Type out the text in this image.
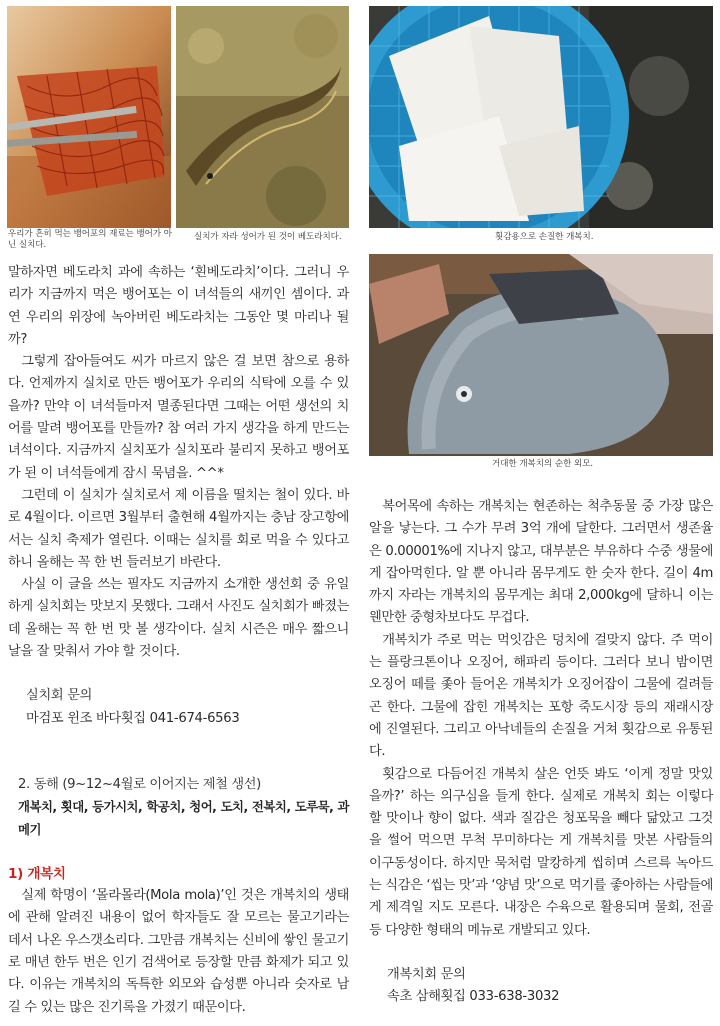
우리가 흔히 먹는 뱅어포의 재료는 뱅어가 아닌 실치다.
실치가 자라 성어가 된 것이 베도라치다.	횟감용으로 손질한 개복치.
거대한 개복치의 순한 외모.

말하자면 베도라치 과에 속하는 ‘흰베도라치’이다. 그러니 우리가 지금까지 먹은 뱅어포는 이 녀석들의 새끼인 셈이다. 과연 우리의 위장에 녹아버린 베도라치는 그동안 몇 마리나 될까?

그렇게 잡아들여도 씨가 마르지 않은 걸 보면 참으로 용하다. 언제까지 실치로 만든 뱅어포가 우리의 식탁에 오를 수 있을까? 만약 이 녀석들마저 멸종된다면 그때는 어떤 생선의 치어를 말려 뱅어포를 만들까? 참 여러 가지 생각을 하게 만드는 녀석이다. 지금까지 실치포가 실치포라 불리지 못하고 뱅어포가 된 이 녀석들에게 잠시 묵념을. ^^*

그런데 이 실치가 실치로서 제 이름을 떨치는 철이 있다. 바로 4월이다. 이르면 3월부터 출현해 4월까지는 충남 장고항에서는 실치 축제가 열린다. 이때는 실치를 회로 먹을 수 있다고 하니 올해는 꼭 한 번 들러보기 바란다.

사실 이 글을 쓰는 필자도 지금까지 소개한 생선회 중 유일하게 실치회는 맛보지 못했다. 그래서 사진도 실치회가 빠졌는데 올해는 꼭 한 번 맛 볼 생각이다. 실치 시즌은 매우 짧으니 날을 잘 맞춰서 가야 할 것이다.

실치회 문의

마검포 윈조 바다횟집 041-674-6563

2. 동해 (9~12~4월로 이어지는 제철 생선)

개복치, 횟대, 등가시치, 학공치, 청어, 도치, 전복치, 도루묵, 과메기

1) 개복치

실제 학명이 ‘몰라몰라(Mola mola)’인 것은 개복치의 생태에 관해 알려진 내용이 없어 학자들도 잘 모르는 물고기라는 데서 나온 우스갯소리다. 그만큼 개복치는 신비에 쌓인 물고기로 매년 한두 번은 인기 검색어로 등장할 만큼 화제가 되고 있다. 이유는 개복치의 독특한 외모와 습성뿐 아니라 숫자로 남길 수 있는 많은 진기록을 가졌기 때문이다.

복어목에 속하는 개복치는 현존하는 척추동물 중 가장 많은 알을 낳는다. 그 수가 무려 3억 개에 달한다. 그러면서 생존율은 0.00001%에 지나지 않고, 대부분은 부유하다 수중 생물에게 잡아먹힌다. 알 뿐 아니라 몸무게도 한 숫자 한다. 길이 4m까지 자라는 개복치의 몸무게는 최대 2,000kg에 달하니 이는 웬만한 중형차보다도 무겁다.

개복치가 주로 먹는 먹잇감은 덩치에 걸맞지 않다. 주 먹이는 플랑크톤이나 오징어, 해파리 등이다. 그러다 보니 밤이면 오징어 떼를 좇아 들어온 개복치가 오징어잡이 그물에 걸려들곤 한다. 그물에 잡힌 개복치는 포항 죽도시장 등의 재래시장에 진열된다. 그리고 아낙네들의 손질을 거쳐 횟감으로 유통된다.

횟감으로 다듬어진 개복치 살은 언뜻 봐도 ‘이게 정말 맛있을까?’ 하는 의구심을 들게 한다. 실제로 개복치 회는 이렇다 할 맛이나 향이 없다. 색과 질감은 청포묵을 빼다 닮았고 그것을 썰어 먹으면 무척 무미하다는 게 개복치를 맛본 사람들의 이구동성이다. 하지만 묵처럼 말캉하게 씹히며 스르륵 녹아드는 식감은 ‘씹는 맛’과 ‘양념 맛’으로 먹기를 좋아하는 사람들에게 제격일 지도 모른다. 내장은 수육으로 활용되며 물회, 전골 등 다양한 형태의 메뉴로 개발되고 있다.

개복치회 문의

속초 삼해횟집 033-638-3032
